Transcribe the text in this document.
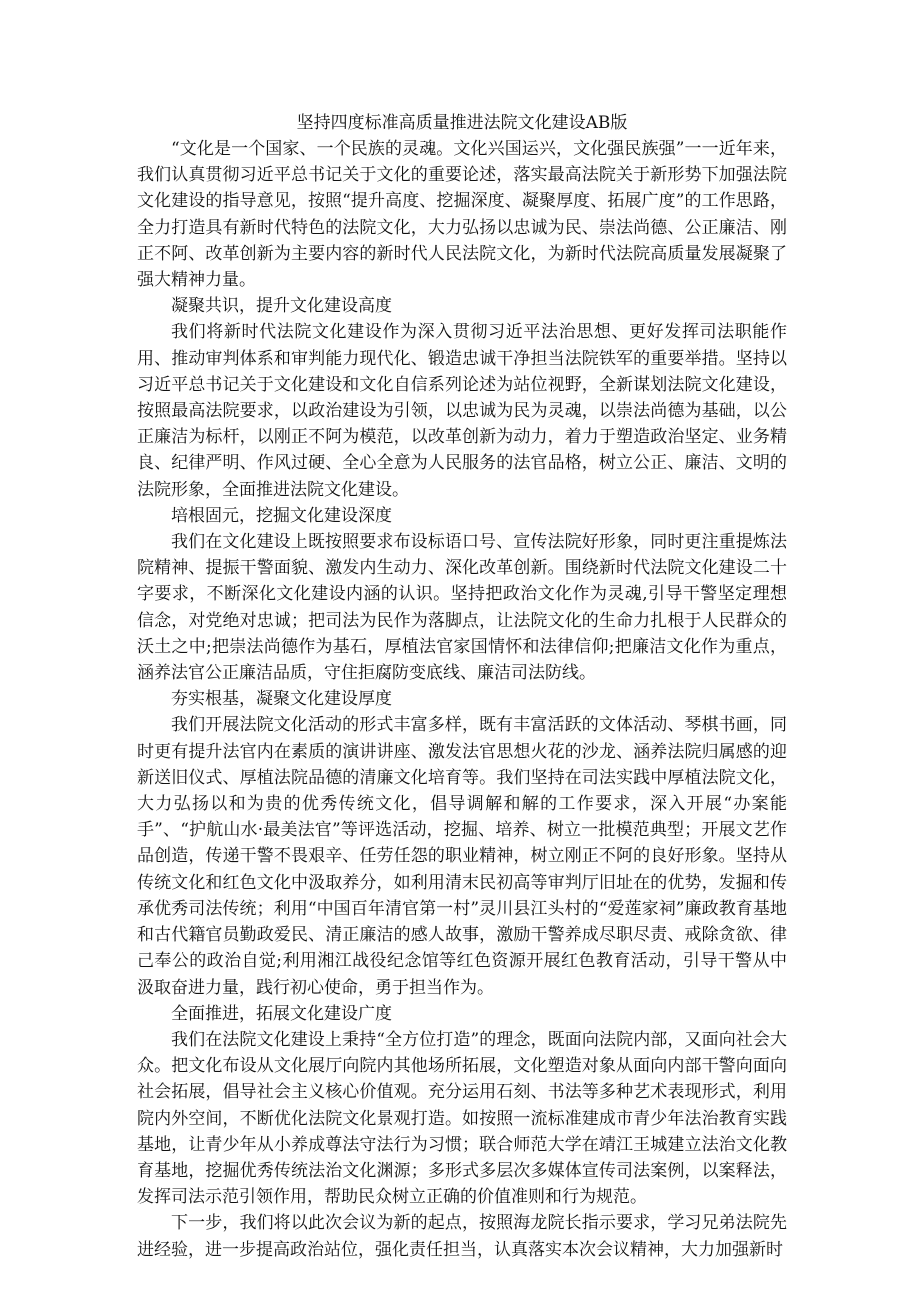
坚持四度标准高质量推进法院文化建设AB版

“文化是一个国家、一个民族的灵魂。文化兴国运兴，文化强民族强”一一近年来，我们认真贯彻习近平总书记关于文化的重要论述，落实最高法院关于新形势下加强法院文化建设的指导意见，按照“提升高度、挖掘深度、凝聚厚度、拓展广度”的工作思路，全力打造具有新时代特色的法院文化，大力弘扬以忠诚为民、崇法尚德、公正廉洁、刚正不阿、改革创新为主要内容的新时代人民法院文化，为新时代法院高质量发展凝聚了强大精神力量。

凝聚共识，提升文化建设高度

我们将新时代法院文化建设作为深入贯彻习近平法治思想、更好发挥司法职能作用、推动审判体系和审判能力现代化、锻造忠诚干净担当法院铁军的重要举措。坚持以习近平总书记关于文化建设和文化自信系列论述为站位视野，全新谋划法院文化建设，按照最高法院要求，以政治建设为引领，以忠诚为民为灵魂，以崇法尚德为基础，以公正廉洁为标杆，以刚正不阿为模范，以改革创新为动力，着力于塑造政治坚定、业务精良、纪律严明、作风过硬、全心全意为人民服务的法官品格，树立公正、廉洁、文明的法院形象，全面推进法院文化建设。

培根固元，挖掘文化建设深度

我们在文化建设上既按照要求布设标语口号、宣传法院好形象，同时更注重提炼法院精神、提振干警面貌、激发内生动力、深化改革创新。围绕新时代法院文化建设二十字要求，不断深化文化建设内涵的认识。坚持把政治文化作为灵魂,引导干警坚定理想信念，对党绝对忠诚；把司法为民作为落脚点，让法院文化的生命力扎根于人民群众的沃土之中;把崇法尚德作为基石，厚植法官家国情怀和法律信仰;把廉洁文化作为重点，涵养法官公正廉洁品质，守住拒腐防变底线、廉洁司法防线。

夯实根基，凝聚文化建设厚度

我们开展法院文化活动的形式丰富多样，既有丰富活跃的文体活动、琴棋书画，同时更有提升法官内在素质的演讲讲座、激发法官思想火花的沙龙、涵养法院归属感的迎新送旧仪式、厚植法院品德的清廉文化培育等。我们坚持在司法实践中厚植法院文化，大力弘扬以和为贵的优秀传统文化，倡导调解和解的工作要求，深入开展“办案能手”、“护航山水·最美法官”等评选活动，挖掘、培养、树立一批模范典型；开展文艺作品创造，传递干警不畏艰辛、任劳任怨的职业精神，树立刚正不阿的良好形象。坚持从传统文化和红色文化中汲取养分，如利用清末民初高等审判厅旧址在的优势，发掘和传承优秀司法传统；利用“中国百年清官第一村”灵川县江头村的“爱莲家祠”廉政教育基地和古代籍官员勤政爱民、清正廉洁的感人故事，激励干警养成尽职尽责、戒除贪欲、律己奉公的政治自觉;利用湘江战役纪念馆等红色资源开展红色教育活动，引导干警从中汲取奋进力量，践行初心使命，勇于担当作为。

全面推进，拓展文化建设广度

我们在法院文化建设上秉持“全方位打造”的理念，既面向法院内部，又面向社会大众。把文化布设从文化展厅向院内其他场所拓展，文化塑造对象从面向内部干警向面向社会拓展，倡导社会主义核心价值观。充分运用石刻、书法等多种艺术表现形式，利用院内外空间，不断优化法院文化景观打造。如按照一流标准建成市青少年法治教育实践基地，让青少年从小养成尊法守法行为习惯；联合师范大学在靖江王城建立法治文化教育基地，挖掘优秀传统法治文化渊源；多形式多层次多媒体宣传司法案例，以案释法，发挥司法示范引领作用，帮助民众树立正确的价值准则和行为规范。

下一步，我们将以此次会议为新的起点，按照海龙院长指示要求，学习兄弟法院先进经验，进一步提高政治站位，强化责任担当，认真落实本次会议精神，大力加强新时
